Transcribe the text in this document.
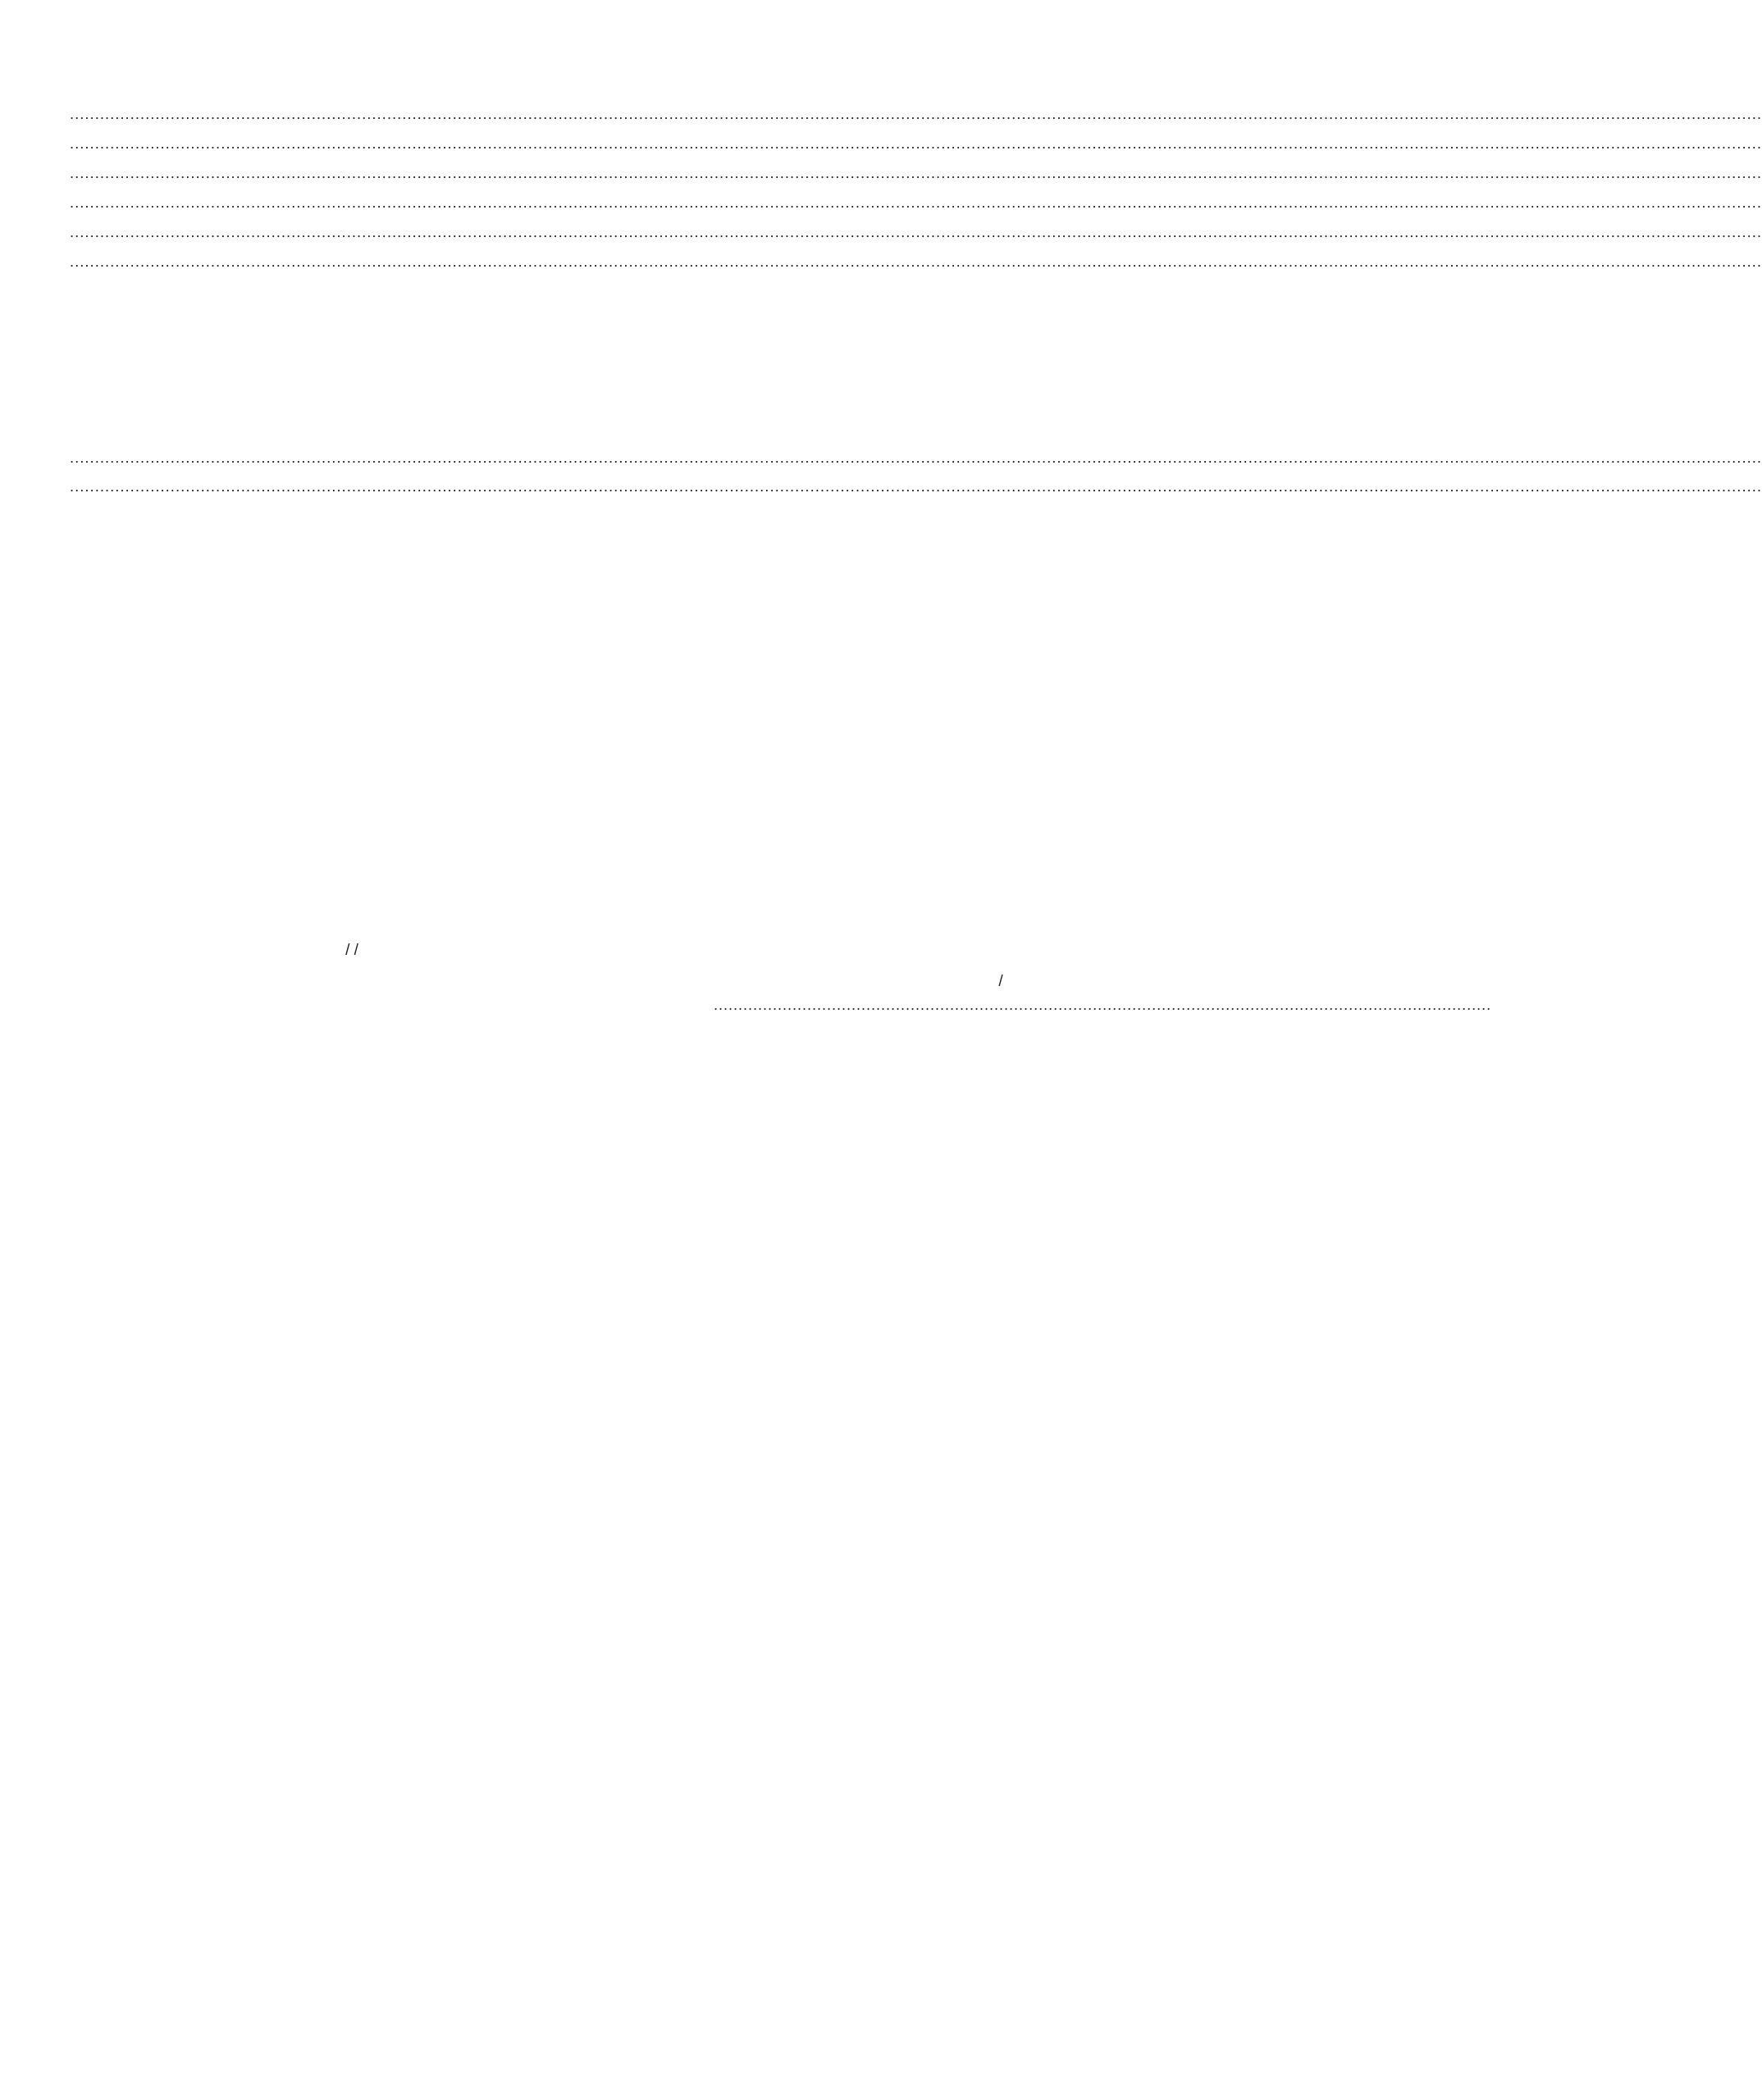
.....
.....
.....
.....
.....
.....
.....
.....
/ /
/
..............................................................................................................................................................
